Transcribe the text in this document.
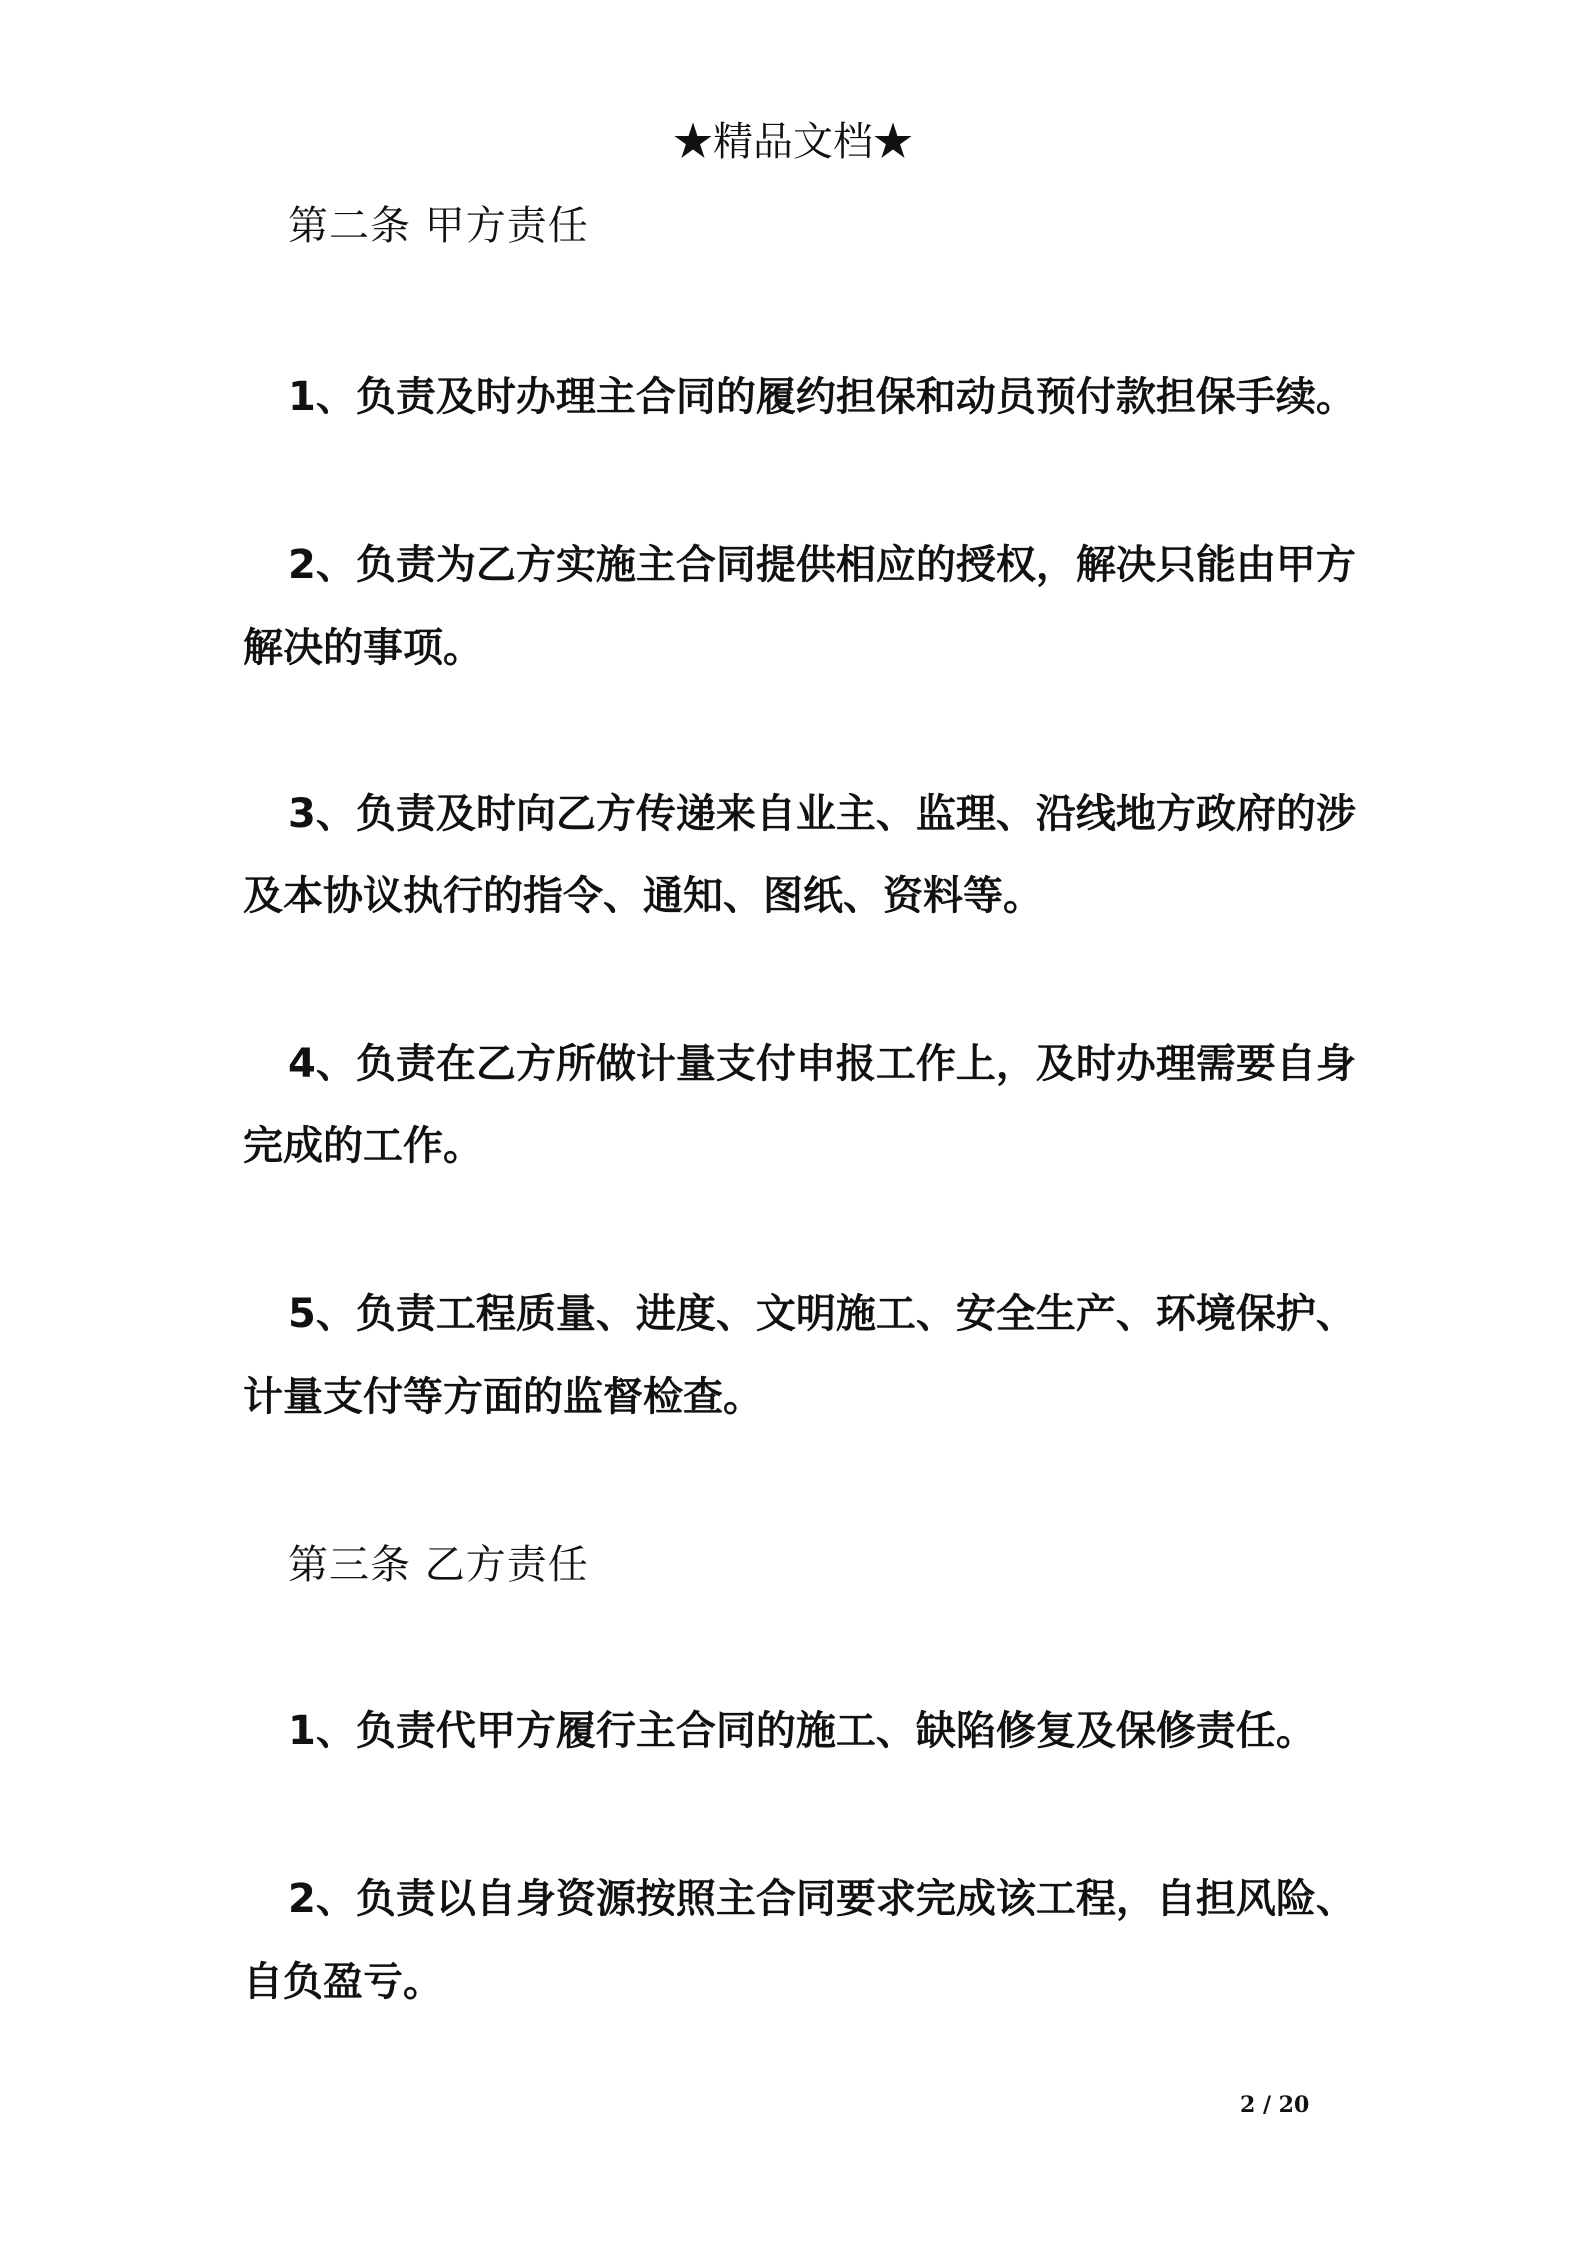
★精品文档★
第二条 甲方责任
1、负责及时办理主合同的履约担保和动员预付款担保手续。
2、负责为乙方实施主合同提供相应的授权，解决只能由甲方
解决的事项。
3、负责及时向乙方传递来自业主、监理、沿线地方政府的涉
及本协议执行的指令、通知、图纸、资料等。
4、负责在乙方所做计量支付申报工作上，及时办理需要自身
完成的工作。
5、负责工程质量、进度、文明施工、安全生产、环境保护、
计量支付等方面的监督检查。
第三条 乙方责任
1、负责代甲方履行主合同的施工、缺陷修复及保修责任。
2、负责以自身资源按照主合同要求完成该工程，自担风险、
自负盈亏。
2 / 20
